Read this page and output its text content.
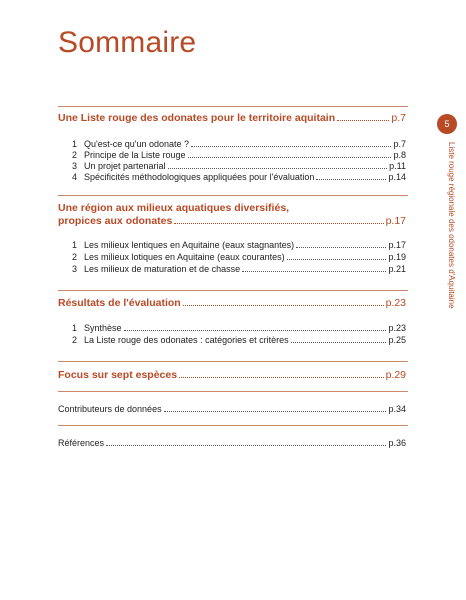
Sommaire
Une Liste rouge des odonates pour le territoire aquitain	p.7
1 Qu'est-ce qu'un odonate ?	p.7
2 Principe de la Liste rouge	p.8
3 Un projet partenarial	p.11
4 Spécificités méthodologiques appliquées pour l'évaluation	p.14
Une région aux milieux aquatiques diversifiés,
propices aux odonates	p.17
1 Les milieux lentiques en Aquitaine (eaux stagnantes)	p.17
2 Les milieux lotiques en Aquitaine (eaux courantes)	p.19
3 Les milieux de maturation et de chasse	p.21
Résultats de l'évaluation	p.23
1 Synthèse	p.23
2 La Liste rouge des odonates : catégories et critères	p.25
Focus sur sept espèces	p.29
Contributeurs de données	p.34
Références	p.36
5
Liste rouge régionale des odonates d'Aquitaine
